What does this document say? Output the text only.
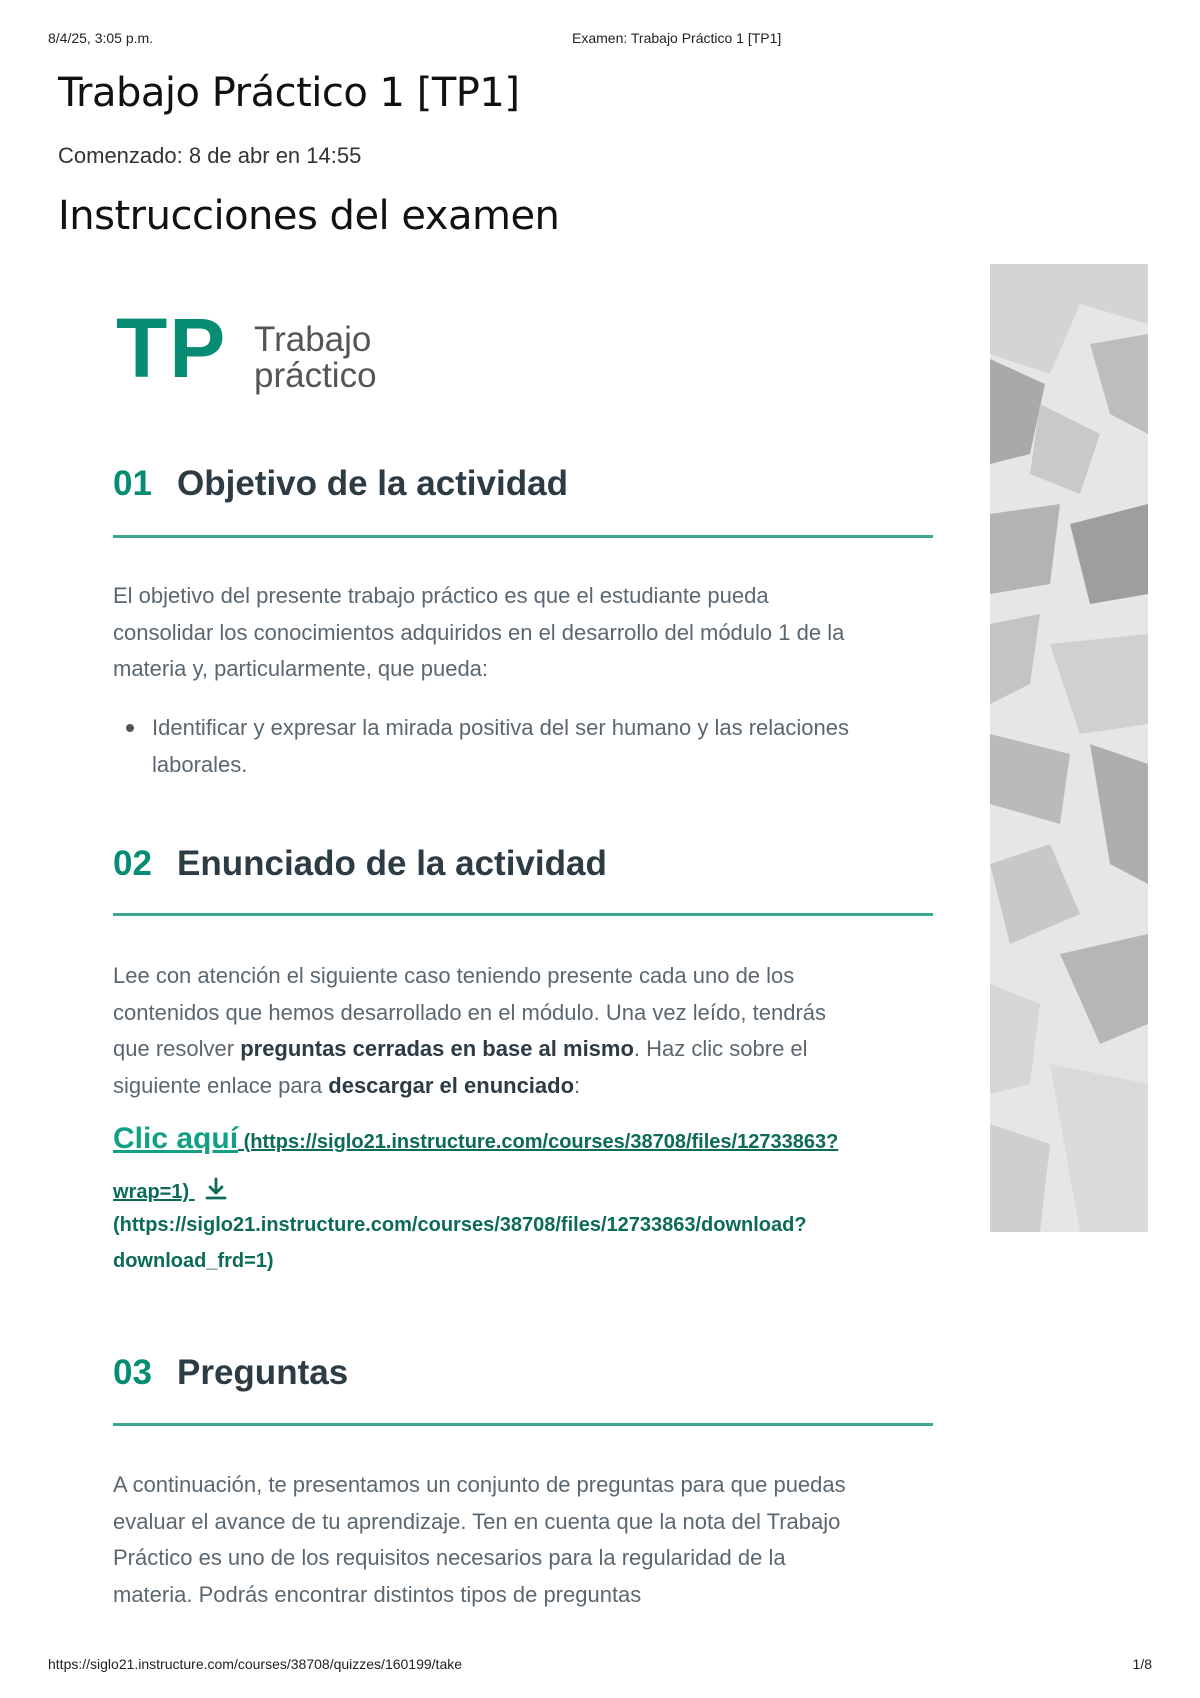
8/4/25, 3:05 p.m.	Examen: Trabajo Práctico 1 [TP1]
Trabajo Práctico 1 [TP1]
Comenzado: 8 de abr en 14:55
Instrucciones del examen
TP Trabajo
práctico
01 Objetivo de la actividad

El objetivo del presente trabajo práctico es que el estudiante pueda
consolidar los conocimientos adquiridos en el desarrollo del módulo 1 de la
materia y, particularmente, que pueda:

Identificar y expresar la mirada positiva del ser humano y las relaciones
laborales.

02 Enunciado de la actividad

Lee con atención el siguiente caso teniendo presente cada uno de los
contenidos que hemos desarrollado en el módulo. Una vez leído, tendrás
que resolver preguntas cerradas en base al mismo. Haz clic sobre el
siguiente enlace para descargar el enunciado:

Clic aquí (https://siglo21.instructure.com/courses/38708/files/12733863?
wrap=1)
(https://siglo21.instructure.com/courses/38708/files/12733863/download?
download_frd=1)
03 Preguntas

A continuación, te presentamos un conjunto de preguntas para que puedas
evaluar el avance de tu aprendizaje. Ten en cuenta que la nota del Trabajo
Práctico es uno de los requisitos necesarios para la regularidad de la
materia. Podrás encontrar distintos tipos de preguntas

https://siglo21.instructure.com/courses/38708/quizzes/160199/take	1/8
